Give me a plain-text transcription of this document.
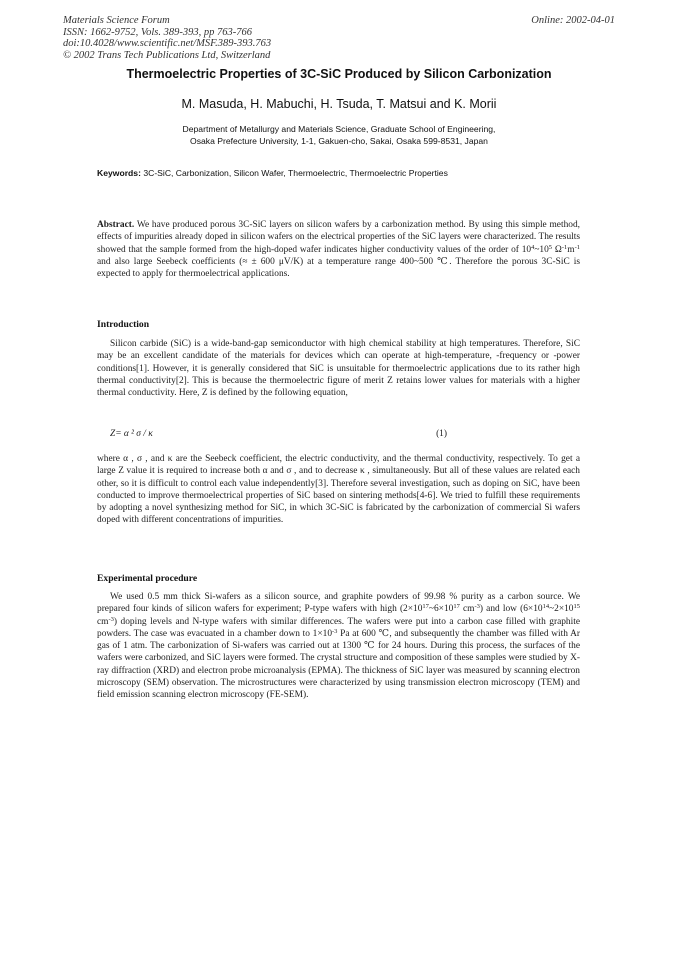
Materials Science Forum
ISSN: 1662-9752, Vols. 389-393, pp 763-766
doi:10.4028/www.scientific.net/MSF.389-393.763
© 2002 Trans Tech Publications Ltd, Switzerland
Online: 2002-04-01
Thermoelectric Properties of 3C-SiC Produced by Silicon Carbonization
M. Masuda, H. Mabuchi, H. Tsuda, T. Matsui and K. Morii
Department of Metallurgy and Materials Science, Graduate School of Engineering,
Osaka Prefecture University, 1-1, Gakuen-cho, Sakai, Osaka 599-8531, Japan
Keywords: 3C-SiC, Carbonization, Silicon Wafer, Thermoelectric, Thermoelectric Properties

Abstract. We have produced porous 3C-SiC layers on silicon wafers by a carbonization method. By using this simple method, effects of impurities already doped in silicon wafers on the electrical properties of the SiC layers were characterized. The results showed that the sample formed from the high-doped wafer indicates higher conductivity values of the order of $10^4\sim 10^5$ $\Omega^{-1}m^{-1}$ and also large Seebeck coefficients (≈ ± 600 μV/K) at a temperature range 400~500 ℃. Therefore the porous 3C-SiC is expected to apply for thermoelectrical applications.

Introduction

Silicon carbide (SiC) is a wide-band-gap semiconductor with high chemical stability at high temperatures. Therefore, SiC may be an excellent candidate of the materials for devices which can operate at high-temperature, -frequency or -power conditions[1]. However, it is generally considered that SiC is unsuitable for thermoelectric applications due to its rather high thermal conductivity[2]. This is because the thermoelectric figure of merit Z retains lower values for materials with a higher thermal conductivity. Here, Z is defined by the following equation,

Z= α ² σ / κ	(1)

where α , σ , and κ are the Seebeck coefficient, the electric conductivity, and the thermal conductivity, respectively. To get a large Z value it is required to increase both α and σ , and to decrease κ , simultaneously. But all of these values are related each other, so it is difficult to control each value independently[3]. Therefore several investigation, such as doping on SiC, have been conducted to improve thermoelectrical properties of SiC based on sintering methods[4-6]. We tried to fulfill these requirements by adopting a novel synthesizing method for SiC, in which 3C-SiC is fabricated by the carbonization of commercial Si wafers doped with different concentrations of impurities.

Experimental procedure

We used 0.5 mm thick Si-wafers as a silicon source, and graphite powders of 99.98 % purity as a carbon source. We prepared four kinds of silicon wafers for experiment; P-type wafers with high ($2\times 10^{17}\sim 6\times 10^{17}$ $cm^{-3}$) and low ($6\times 10^{14}\sim 2\times 10^{15}$ $cm^{-3}$) doping levels and N-type wafers with similar differences. The wafers were put into a carbon case filled with graphite powders. The case was evacuated in a chamber down to $1\times 10^{-3}$ Pa at 600 ℃, and subsequently the chamber was filled with Ar gas of 1 atm. The carbonization of Si-wafers was carried out at 1300 ℃ for 24 hours. During this process, the surfaces of the wafers were carbonized, and SiC layers were formed. The crystal structure and composition of these samples were studied by X-ray diffraction (XRD) and electron probe microanalysis (EPMA). The thickness of SiC layer was measured by scanning electron microscopy (SEM) observation. The microstructures were characterized by using transmission electron microscopy (TEM) and field emission scanning electron microscopy (FE-SEM).
